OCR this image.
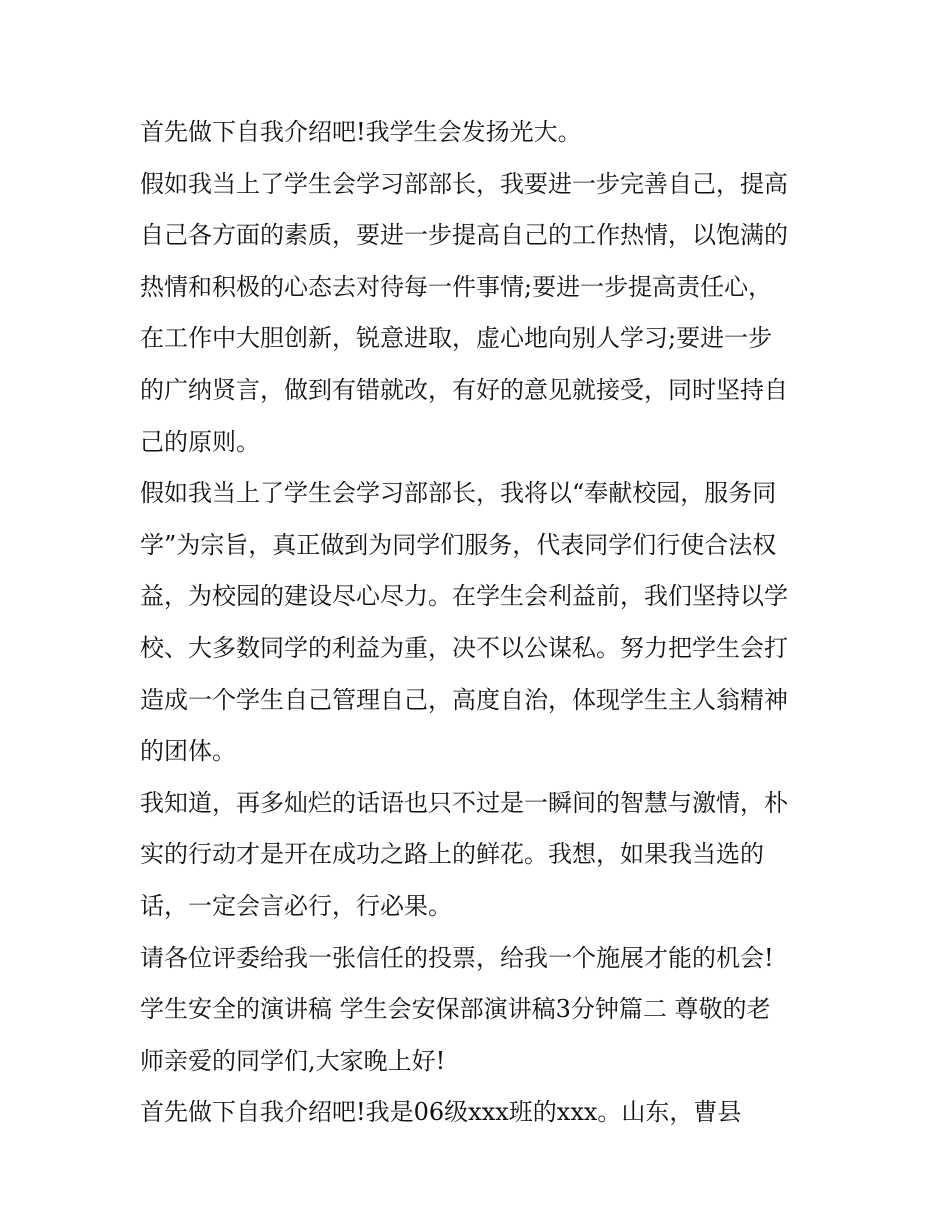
首先做下自我介绍吧!我学生会发扬光大。
假如我当上了学生会学习部部长，我要进一步完善自己，提高
自己各方面的素质，要进一步提高自己的工作热情，以饱满的
热情和积极的心态去对待每一件事情;要进一步提高责任心，
在工作中大胆创新，锐意进取，虚心地向别人学习;要进一步
的广纳贤言，做到有错就改，有好的意见就接受，同时坚持自
己的原则。
假如我当上了学生会学习部部长，我将以“奉献校园，服务同
学”为宗旨，真正做到为同学们服务，代表同学们行使合法权
益，为校园的建设尽心尽力。在学生会利益前，我们坚持以学
校、大多数同学的利益为重，决不以公谋私。努力把学生会打
造成一个学生自己管理自己，高度自治，体现学生主人翁精神
的团体。
我知道，再多灿烂的话语也只不过是一瞬间的智慧与激情，朴
实的行动才是开在成功之路上的鲜花。我想，如果我当选的
话，一定会言必行，行必果。
请各位评委给我一张信任的投票，给我一个施展才能的机会!
学生安全的演讲稿 学生会安保部演讲稿3分钟篇二 尊敬的老
师亲爱的同学们,大家晚上好!
首先做下自我介绍吧!我是06级xxx班的xxx。山东，曹县
